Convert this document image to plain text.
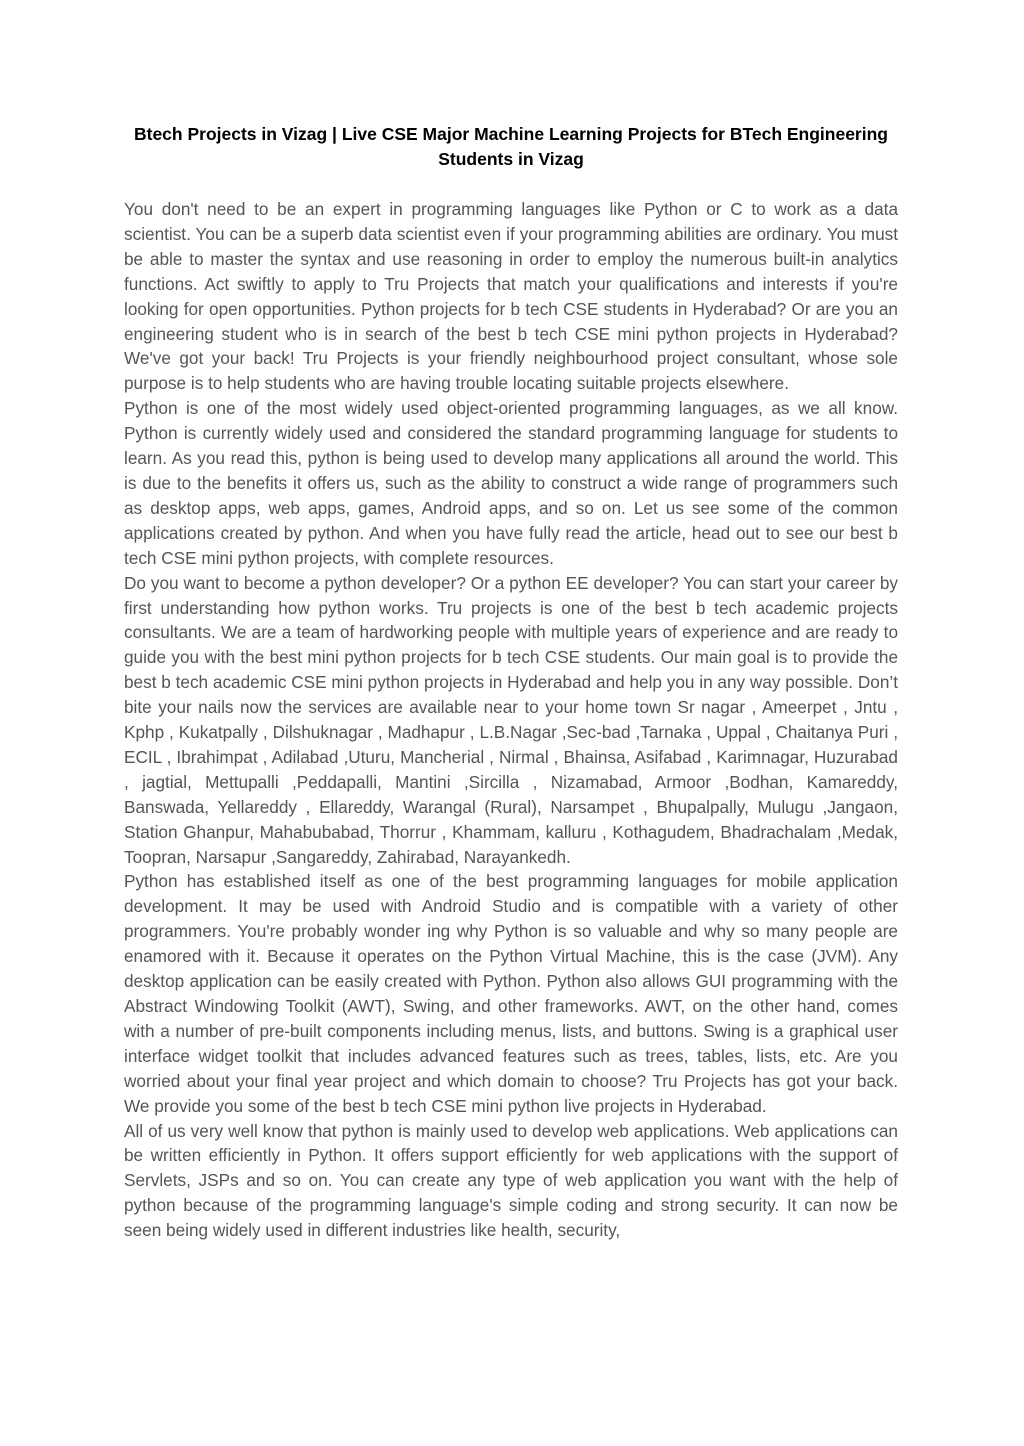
Btech Projects in Vizag | Live CSE Major Machine Learning Projects for BTech Engineering Students in Vizag

You don't need to be an expert in programming languages like Python or C to work as a data scientist. You can be a superb data scientist even if your programming abilities are ordinary. You must be able to master the syntax and use reasoning in order to employ the numerous built-in analytics functions. Act swiftly to apply to Tru Projects that match your qualifications and interests if you're looking for open opportunities. Python projects for b tech CSE students in Hyderabad? Or are you an engineering student who is in search of the best b tech CSE mini python projects in Hyderabad? We've got your back! Tru Projects is your friendly neighbourhood project consultant, whose sole purpose is to help students who are having trouble locating suitable projects elsewhere.

Python is one of the most widely used object-oriented programming languages, as we all know. Python is currently widely used and considered the standard programming language for students to learn. As you read this, python is being used to develop many applications all around the world. This is due to the benefits it offers us, such as the ability to construct a wide range of programmers such as desktop apps, web apps, games, Android apps, and so on. Let us see some of the common applications created by python. And when you have fully read the article, head out to see our best b tech CSE mini python projects, with complete resources.

Do you want to become a python developer? Or a python EE developer? You can start your career by first understanding how python works. Tru projects is one of the best b tech academic projects consultants. We are a team of hardworking people with multiple years of experience and are ready to guide you with the best mini python projects for b tech CSE students. Our main goal is to provide the best b tech academic CSE mini python projects in Hyderabad and help you in any way possible. Don’t bite your nails now the services are available near to your home town Sr nagar , Ameerpet , Jntu , Kphp , Kukatpally , Dilshuknagar , Madhapur , L.B.Nagar ,Sec-bad ,Tarnaka , Uppal , Chaitanya Puri , ECIL , Ibrahimpat , Adilabad ,Uturu, Mancherial , Nirmal , Bhainsa, Asifabad , Karimnagar, Huzurabad , jagtial, Mettupalli ,Peddapalli, Mantini ,Sircilla , Nizamabad, Armoor ,Bodhan, Kamareddy, Banswada, Yellareddy , Ellareddy, Warangal (Rural), Narsampet , Bhupalpally, Mulugu ,Jangaon, Station Ghanpur, Mahabubabad, Thorrur , Khammam, kalluru , Kothagudem, Bhadrachalam ,Medak, Toopran, Narsapur ,Sangareddy, Zahirabad, Narayankedh.

Python has established itself as one of the best programming languages for mobile application development. It may be used with Android Studio and is compatible with a variety of other programmers. You're probably wonder ing why Python is so valuable and why so many people are enamored with it. Because it operates on the Python Virtual Machine, this is the case (JVM). Any desktop application can be easily created with Python. Python also allows GUI programming with the Abstract Windowing Toolkit (AWT), Swing, and other frameworks. AWT, on the other hand, comes with a number of pre-built components including menus, lists, and buttons. Swing is a graphical user interface widget toolkit that includes advanced features such as trees, tables, lists, etc. Are you worried about your final year project and which domain to choose? Tru Projects has got your back. We provide you some of the best b tech CSE mini python live projects in Hyderabad.

All of us very well know that python is mainly used to develop web applications. Web applications can be written efficiently in Python. It offers support efficiently for web applications with the support of Servlets, JSPs and so on. You can create any type of web application you want with the help of python because of the programming language's simple coding and strong security. It can now be seen being widely used in different industries like health, security,
